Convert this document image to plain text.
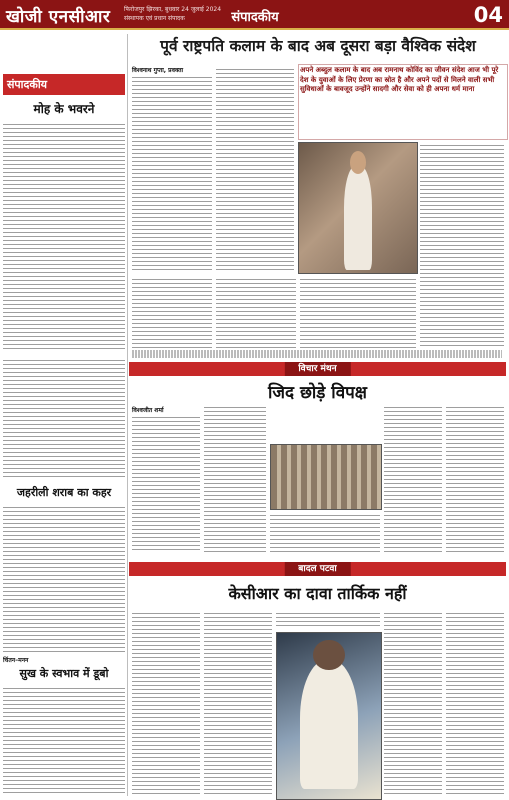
खोजी एनसीआर फिरोजपुर झिरका, बुधवार 24 जुलाई 2024
संस्थापक एवं प्रधान संपादक	संपादकीय	04
संपादकीय
मोह के भवरने
जहरीली शराब का कहर
चिंतन–मनन
सुख के स्वभाव में डूबो
पूर्व राष्ट्रपति कलाम के बाद अब दूसरा बड़ा वैश्विक संदेश
विश्वनाथ गुप्ता, प्रवक्ता	अपने अब्दुल कलाम के बाद अब रामनाथ कोविंद का जीवन संदेश आज भी पूरे देश के युवाओं के लिए प्रेरणा का स्रोत है और अपने पदों से मिलने वाली सभी सुविधाओं के बावजूद उन्होंने सादगी और सेवा को ही अपना धर्म माना
विचार मंथन
जिद छोड़े विपक्ष
विश्वजीत शर्मा
बादल पटवा
केसीआर का दावा तार्किक नहीं
